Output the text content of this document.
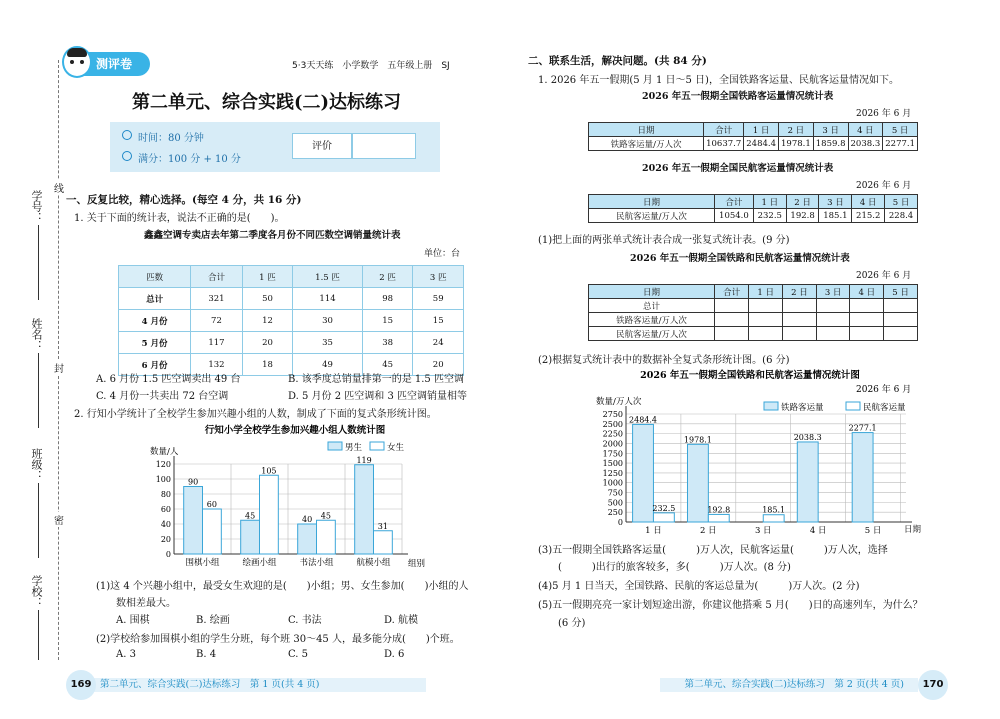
学号：
姓名：
班级：
学校：
线
封
密
测评卷	5·3天天练　小学数学　五年级上册　SJ
第二单元、综合实践(二)达标练习
时间：80 分钟
满分：100 分 + 10 分
评价
一、反复比较，精心选择。(每空 4 分，共 16 分)
1. 关于下面的统计表，说法不正确的是(　　)。
鑫鑫空调专卖店去年第二季度各月份不同匹数空调销量统计表
单位：台
匹数	合计	1 匹	1.5 匹	2 匹	3 匹
总计	321	50	114	98	59
4 月份	72	12	30	15	15
5 月份	117	20	35	38	24
6 月份	132	18	49	45	20
A. 6 月份 1.5 匹空调卖出 49 台	B. 该季度总销量排第一的是 1.5 匹空调
C. 4 月份一共卖出 72 台空调	D. 5 月份 2 匹空调和 3 匹空调销量相等
2. 行知小学统计了全校学生参加兴趣小组的人数，制成了下面的复式条形统计图。
行知小学全校学生参加兴趣小组人数统计图
数量/人
组别
男生	女生
0
20
40
60
80
100
120
围棋小组
90
60
绘画小组
45
105
书法小组
40 45
航模小组
119
31
(1)这 4 个兴趣小组中，最受女生欢迎的是(　　)小组；男、女生参加(　　)小组的人
数相差最大。
A. 围棋	B. 绘画	C. 书法	D. 航模
(2)学校给参加围棋小组的学生分班，每个班 30～45 人，最多能分成(　　)个班。
A. 3	B. 4	C. 5	D. 6
二、联系生活，解决问题。(共 84 分)
1. 2026 年五一假期(5 月 1 日～5 日)，全国铁路客运量、民航客运量情况如下。
2026 年五一假期全国铁路客运量情况统计表
2026 年 6 月
日期	合计	1 日	2 日	3 日	4 日	5 日
铁路客运量/万人次	10637.7	2484.4	1978.1	1859.8	2038.3	2277.1
2026 年五一假期全国民航客运量情况统计表
2026 年 6 月
日期	合计	1 日	2 日	3 日	4 日	5 日
民航客运量/万人次	1054.0	232.5	192.8	185.1	215.2	228.4
(1)把上面的两张单式统计表合成一张复式统计表。(9 分)
2026 年五一假期全国铁路和民航客运量情况统计表
2026 年 6 月
日期	合计	1 日	2 日	3 日	4 日	5 日
总计						
铁路客运量/万人次						
民航客运量/万人次						
(2)根据复式统计表中的数据补全复式条形统计图。(6 分)
2026 年五一假期全国铁路和民航客运量情况统计图
2026 年 6 月
数量/万人次
日期
铁路客运量	民航客运量
0
250
500
750
1000
1250
1500
1750
2000
2250
2500
2750
1 日
2484.4
232.5
2 日
1978.1
192.8
3 日
185.1
4 日
2038.3
5 日
2277.1
(3)五一假期全国铁路客运量(　　　)万人次，民航客运量(　　　)万人次，选择
(　　　)出行的旅客较多，多(　　　)万人次。(8 分)
(4)5 月 1 日当天，全国铁路、民航的客运总量为(　　　)万人次。(2 分)
(5)五一假期亮亮一家计划短途出游，你建议他搭乘 5 月(　　)日的高速列车，为什么？
(6 分)
第二单元、综合实践(二)达标练习　第 1 页(共 4 页)
169	第二单元、综合实践(二)达标练习　第 2 页(共 4 页)	170
